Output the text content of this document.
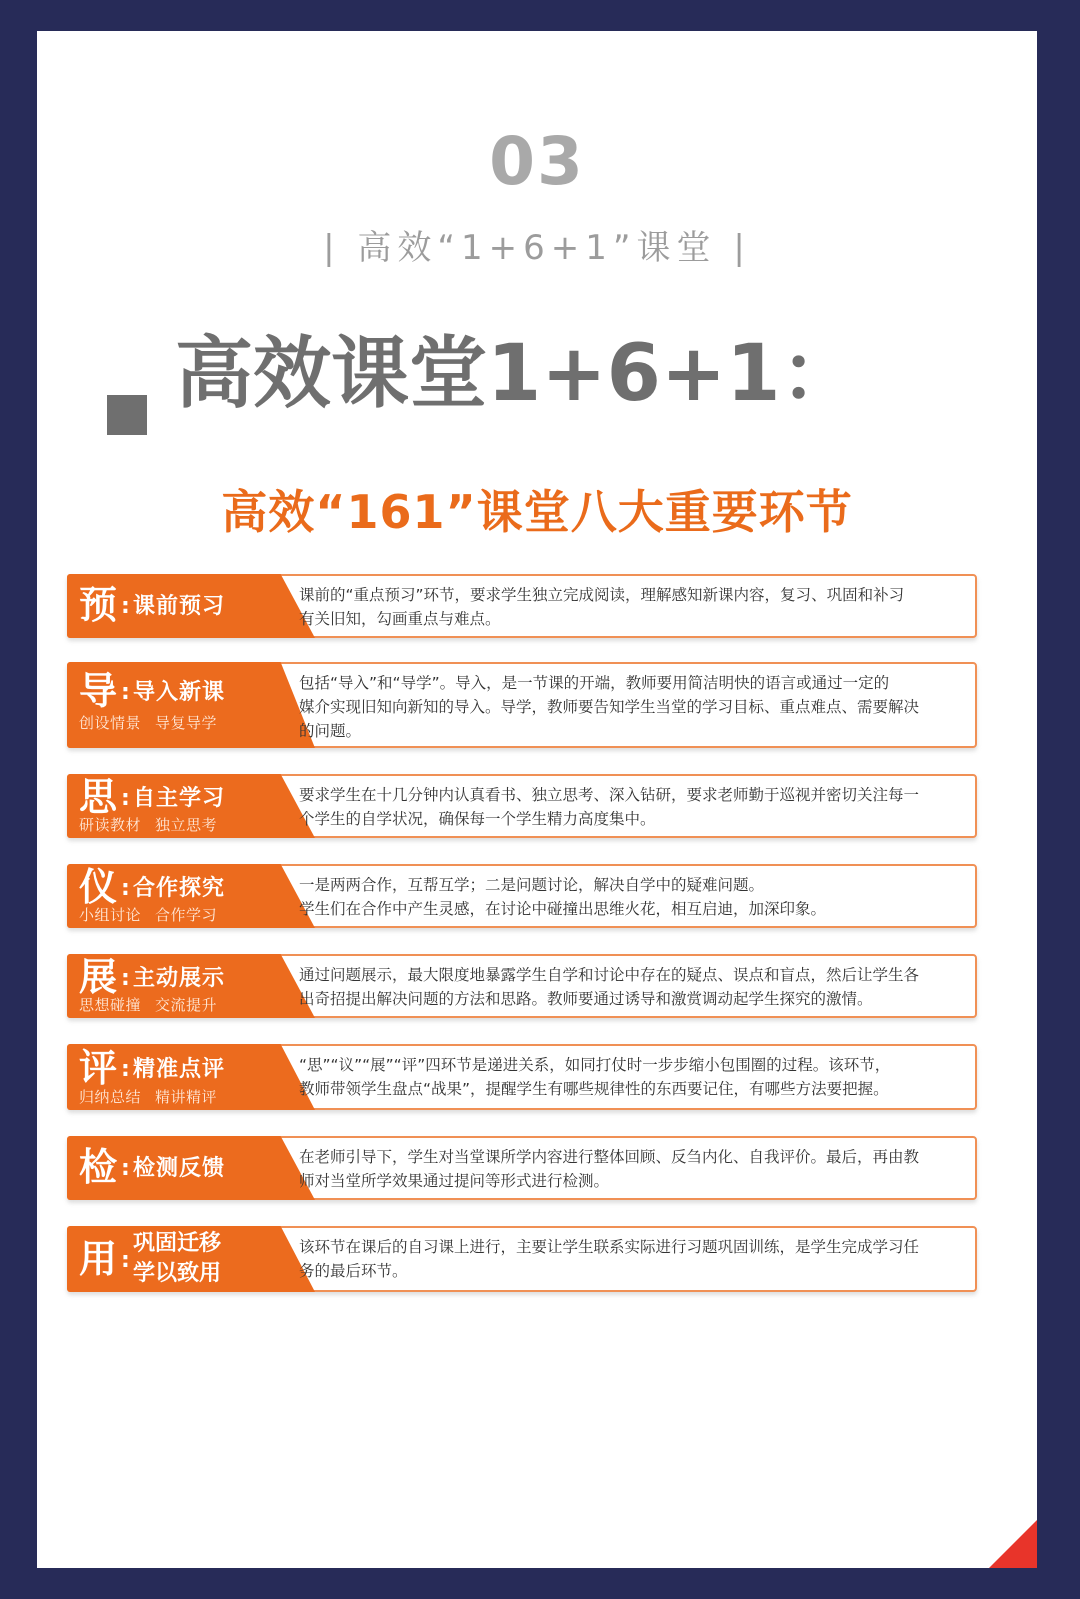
03
| 高效“1+6+1”课堂 |
高效课堂1+6+1：
高效“161”课堂八大重要环节
预 : 课前预习	课前的“重点预习”环节，要求学生独立完成阅读，理解感知新课内容，复习、巩固和补习
有关旧知，勾画重点与难点。
导 : 导入新课
创设情景 导复导学
包括“导入”和“导学”。导入，是一节课的开端，教师要用简洁明快的语言或通过一定的
媒介实现旧知向新知的导入。导学，教师要告知学生当堂的学习目标、重点难点、需要解决
的问题。
思 : 自主学习
研读教材 独立思考
要求学生在十几分钟内认真看书、独立思考、深入钻研，要求老师勤于巡视并密切关注每一
个学生的自学状况，确保每一个学生精力高度集中。
仪 : 合作探究
小组讨论 合作学习
一是两两合作，互帮互学；二是问题讨论，解决自学中的疑难问题。
学生们在合作中产生灵感，在讨论中碰撞出思维火花，相互启迪，加深印象。
展 : 主动展示
思想碰撞 交流提升
通过问题展示，最大限度地暴露学生自学和讨论中存在的疑点、误点和盲点，然后让学生各
出奇招提出解决问题的方法和思路。教师要通过诱导和激赏调动起学生探究的激情。
评 : 精准点评
归纳总结 精讲精评
“思”“议”“展”“评”四环节是递进关系，如同打仗时一步步缩小包围圈的过程。该环节，
教师带领学生盘点“战果”，提醒学生有哪些规律性的东西要记住，有哪些方法要把握。
检 : 检测反馈	在老师引导下，学生对当堂课所学内容进行整体回顾、反刍内化、自我评价。最后，再由教
师对当堂所学效果通过提问等形式进行检测。
用 :
巩固迁移
学以致用
该环节在课后的自习课上进行，主要让学生联系实际进行习题巩固训练，是学生完成学习任
务的最后环节。
